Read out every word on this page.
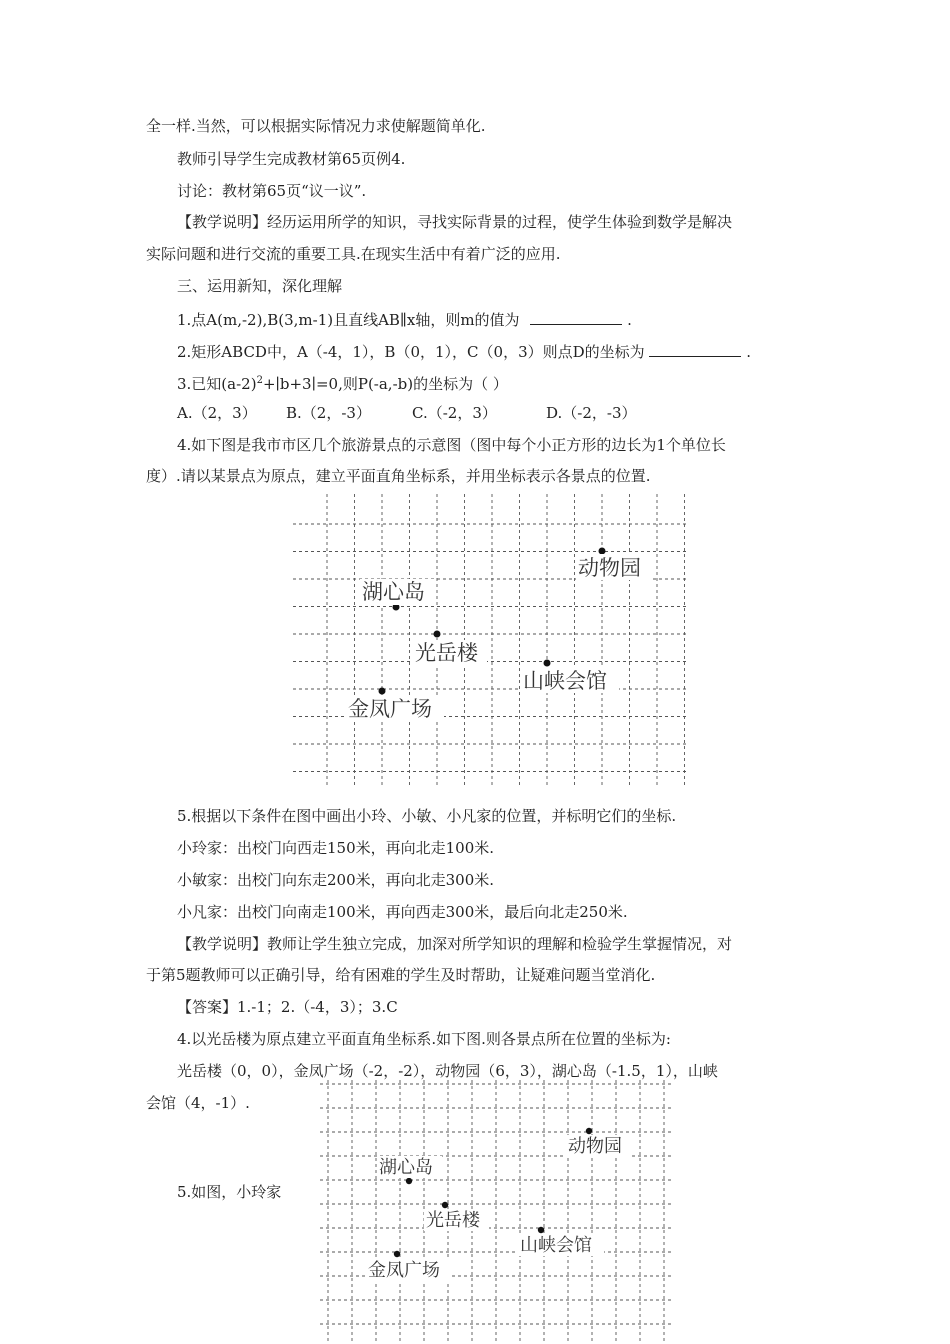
全一样.当然，可以根据实际情况力求使解题简单化.
教师引导学生完成教材第65页例4.
讨论：教材第65页“议一议”.
【教学说明】经历运用所学的知识，寻找实际背景的过程，使学生体验到数学是解决
实际问题和进行交流的重要工具.在现实生活中有着广泛的应用.
三、运用新知，深化理解
1.点A(m,-2),B(3,m-1)且直线AB∥x轴，则m的值为	.
2.矩形ABCD中，A（-4，1），B（0，1），C（0，3）则点D的坐标为	.
3.已知$(a-2)^2+∣b+3∣=0$,则P(-a,-b)的坐标为（ ）
A.（2，3） B.（2，-3）	C.（-2，3）	D.（-2，-3）
4.如下图是我市市区几个旅游景点的示意图（图中每个小正方形的边长为1个单位长
度）.请以某景点为原点，建立平面直角坐标系，并用坐标表示各景点的位置.
动物园
湖心岛
光岳楼
山峡会馆
金凤广场
5.根据以下条件在图中画出小玲、小敏、小凡家的位置，并标明它们的坐标.
小玲家：出校门向西走150米，再向北走100米.
小敏家：出校门向东走200米，再向北走300米.
小凡家：出校门向南走100米，再向西走300米，最后向北走250米.
【教学说明】教师让学生独立完成，加深对所学知识的理解和检验学生掌握情况，对
于第5题教师可以正确引导，给有困难的学生及时帮助，让疑难问题当堂消化.
【答案】1.-1；2.（-4，3）；3.C
4.以光岳楼为原点建立平面直角坐标系.如下图.则各景点所在位置的坐标为:
光岳楼（0，0），金凤广场（-2，-2），动物园（6，3），湖心岛（-1.5，1），山峡
会馆（4，-1）.
5.如图，小玲家
动物园
湖心岛
光岳楼
山峡会馆
金凤广场
